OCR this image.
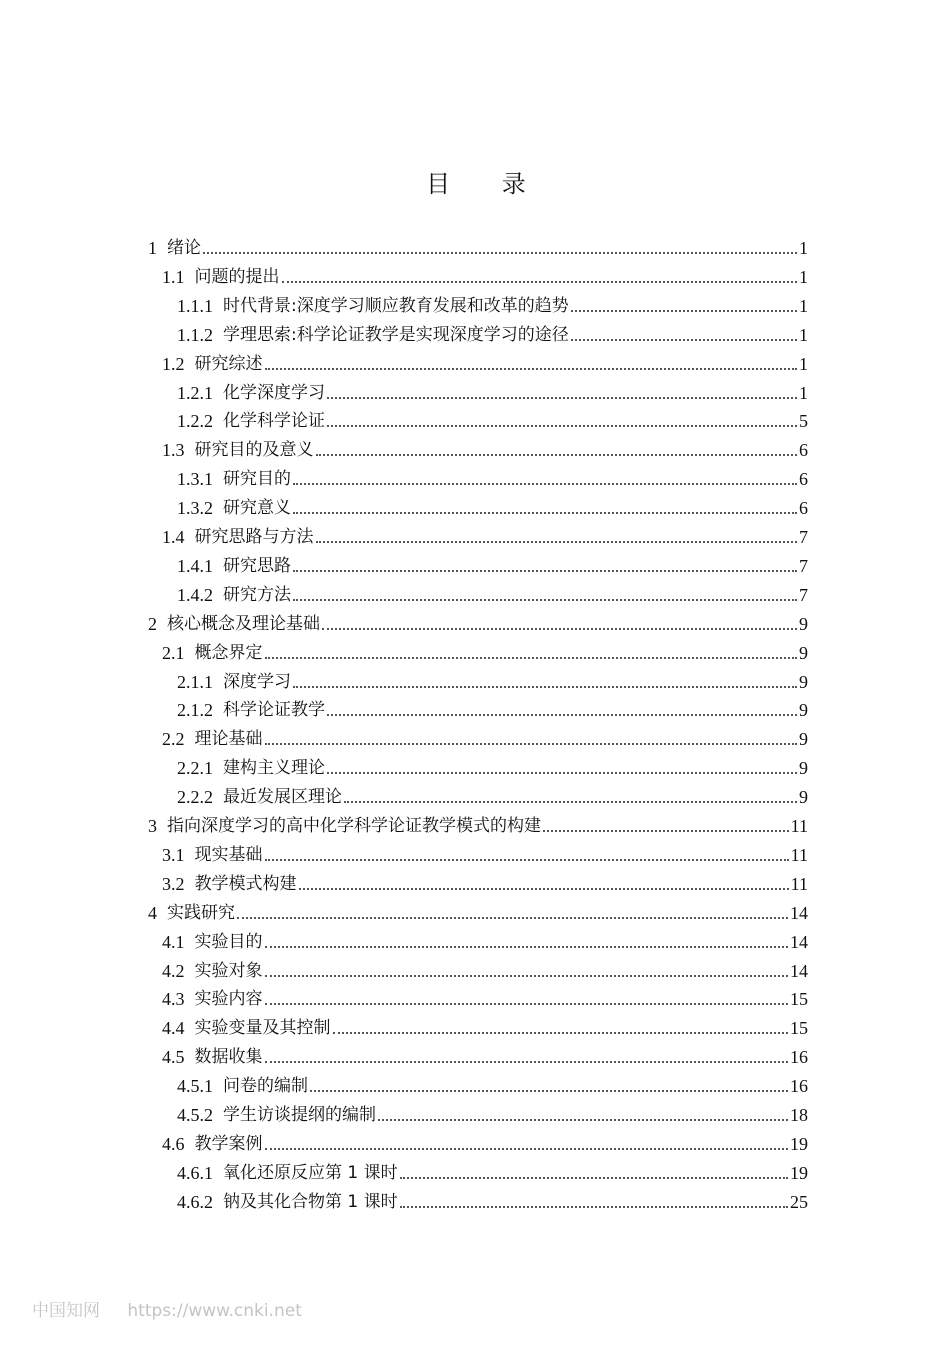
目 录
1 绪论	1
1.1 问题的提出	1
1.1.1 时代背景:深度学习顺应教育发展和改革的趋势	1
1.1.2 学理思索:科学论证教学是实现深度学习的途径	1
1.2 研究综述	1
1.2.1 化学深度学习	1
1.2.2 化学科学论证	5
1.3 研究目的及意义	6
1.3.1 研究目的	6
1.3.2 研究意义	6
1.4 研究思路与方法	7
1.4.1 研究思路	7
1.4.2 研究方法	7
2 核心概念及理论基础	9
2.1 概念界定	9
2.1.1 深度学习	9
2.1.2 科学论证教学	9
2.2 理论基础	9
2.2.1 建构主义理论	9
2.2.2 最近发展区理论	9
3 指向深度学习的高中化学科学论证教学模式的构建	11
3.1 现实基础	11
3.2 教学模式构建	11
4 实践研究	14
4.1 实验目的	14
4.2 实验对象	14
4.3 实验内容	15
4.4 实验变量及其控制	15
4.5 数据收集	16
4.5.1 问卷的编制	16
4.5.2 学生访谈提纲的编制	18
4.6 教学案例	19
4.6.1 氧化还原反应第 1 课时	19
4.6.2 钠及其化合物第 1 课时	25
中国知网 https://www.cnki.net
